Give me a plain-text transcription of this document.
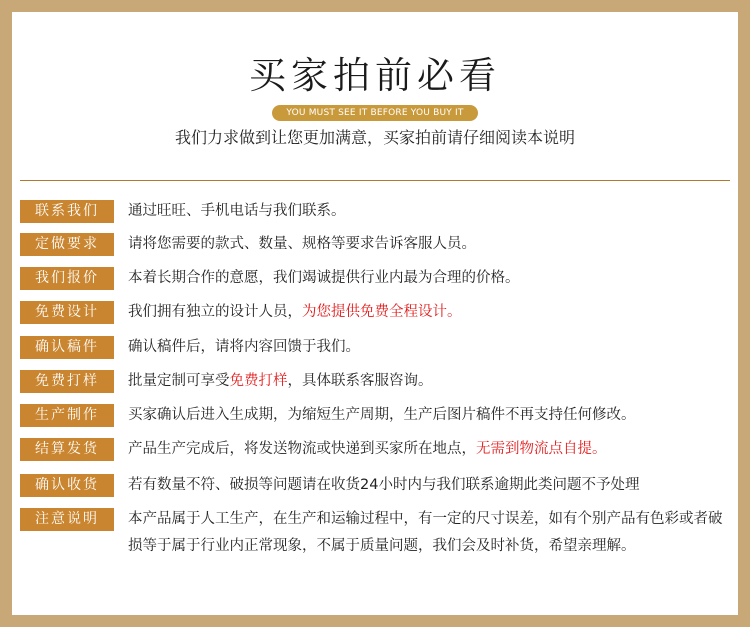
买家拍前必看
YOU MUST SEE IT BEFORE YOU BUY IT
我们力求做到让您更加满意，买家拍前请仔细阅读本说明
联系我们	通过旺旺、手机电话与我们联系。
定做要求	请将您需要的款式、数量、规格等要求告诉客服人员。
我们报价	本着长期合作的意愿，我们竭诚提供行业内最为合理的价格。
免费设计	我们拥有独立的设计人员，为您提供免费全程设计。
确认稿件	确认稿件后，请将内容回馈于我们。
免费打样	批量定制可享受免费打样，具体联系客服咨询。
生产制作	买家确认后进入生成期，为缩短生产周期，生产后图片稿件不再支持任何修改。
结算发货	产品生产完成后，将发送物流或快递到买家所在地点，无需到物流点自提。
确认收货	若有数量不符、破损等问题请在收货24小时内与我们联系逾期此类问题不予处理
注意说明	本产品属于人工生产，在生产和运输过程中，有一定的尺寸误差，如有个别产品有色彩或者破损等于属于行业内正常现象，不属于质量问题，我们会及时补货，希望亲理解。
